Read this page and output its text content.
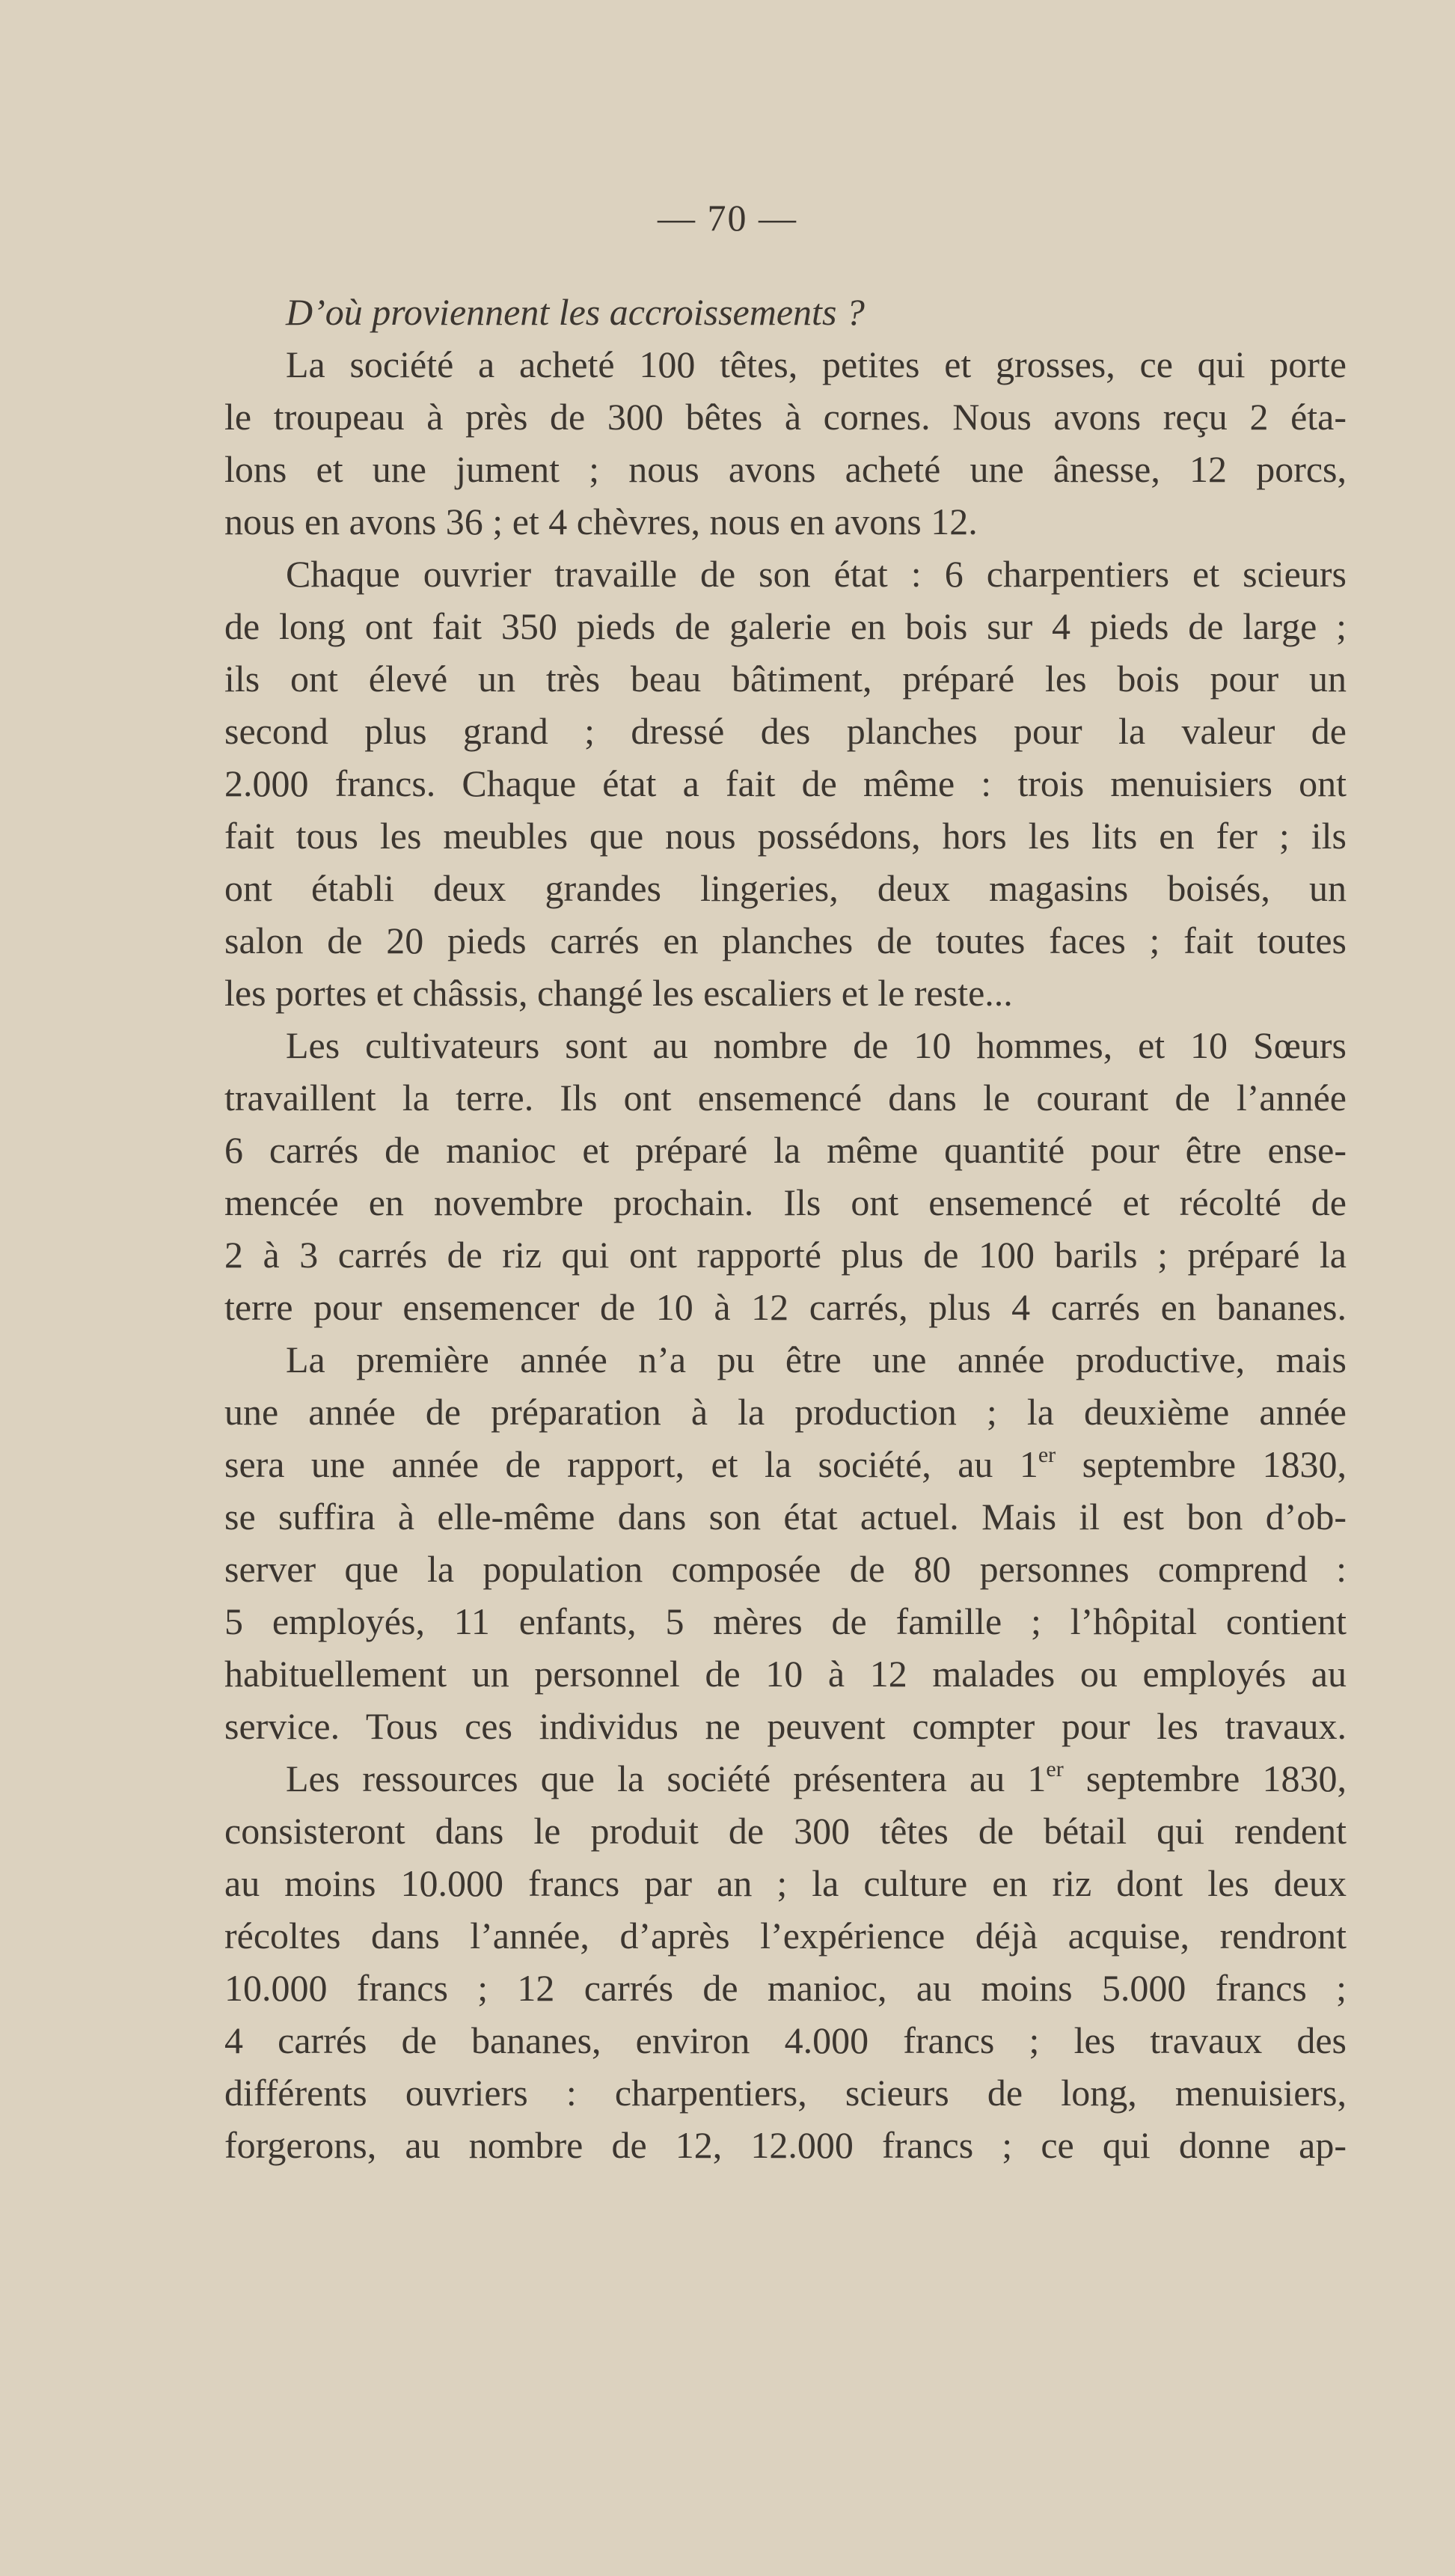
— 70 —
D’où proviennent les accroissements ?
La société a acheté 100 têtes, petites et grosses, ce qui porte
le troupeau à près de 300 bêtes à cornes. Nous avons reçu 2 éta-
lons et une jument ; nous avons acheté une ânesse, 12 porcs,
nous en avons 36 ; et 4 chèvres, nous en avons 12.
Chaque ouvrier travaille de son état : 6 charpentiers et scieurs
de long ont fait 350 pieds de galerie en bois sur 4 pieds de large ;
ils ont élevé un très beau bâtiment, préparé les bois pour un
second plus grand ; dressé des planches pour la valeur de
2.000 francs. Chaque état a fait de même : trois menuisiers ont
fait tous les meubles que nous possédons, hors les lits en fer ; ils
ont établi deux grandes lingeries, deux magasins boisés, un
salon de 20 pieds carrés en planches de toutes faces ; fait toutes
les portes et châssis, changé les escaliers et le reste...
Les cultivateurs sont au nombre de 10 hommes, et 10 Sœurs
travaillent la terre. Ils ont ensemencé dans le courant de l’année
6 carrés de manioc et préparé la même quantité pour être ense-
mencée en novembre prochain. Ils ont ensemencé et récolté de
2 à 3 carrés de riz qui ont rapporté plus de 100 barils ; préparé la
terre pour ensemencer de 10 à 12 carrés, plus 4 carrés en bananes.
La première année n’a pu être une année productive, mais
une année de préparation à la production ; la deuxième année
sera une année de rapport, et la société, au 1er septembre 1830,
se suffira à elle-même dans son état actuel. Mais il est bon d’ob-
server que la population composée de 80 personnes comprend :
5 employés, 11 enfants, 5 mères de famille ; l’hôpital contient
habituellement un personnel de 10 à 12 malades ou employés au
service. Tous ces individus ne peuvent compter pour les travaux.
Les ressources que la société présentera au 1er septembre 1830,
consisteront dans le produit de 300 têtes de bétail qui rendent
au moins 10.000 francs par an ; la culture en riz dont les deux
récoltes dans l’année, d’après l’expérience déjà acquise, rendront
10.000 francs ; 12 carrés de manioc, au moins 5.000 francs ;
4 carrés de bananes, environ 4.000 francs ; les travaux des
différents ouvriers : charpentiers, scieurs de long, menuisiers,
forgerons, au nombre de 12, 12.000 francs ; ce qui donne ap-
